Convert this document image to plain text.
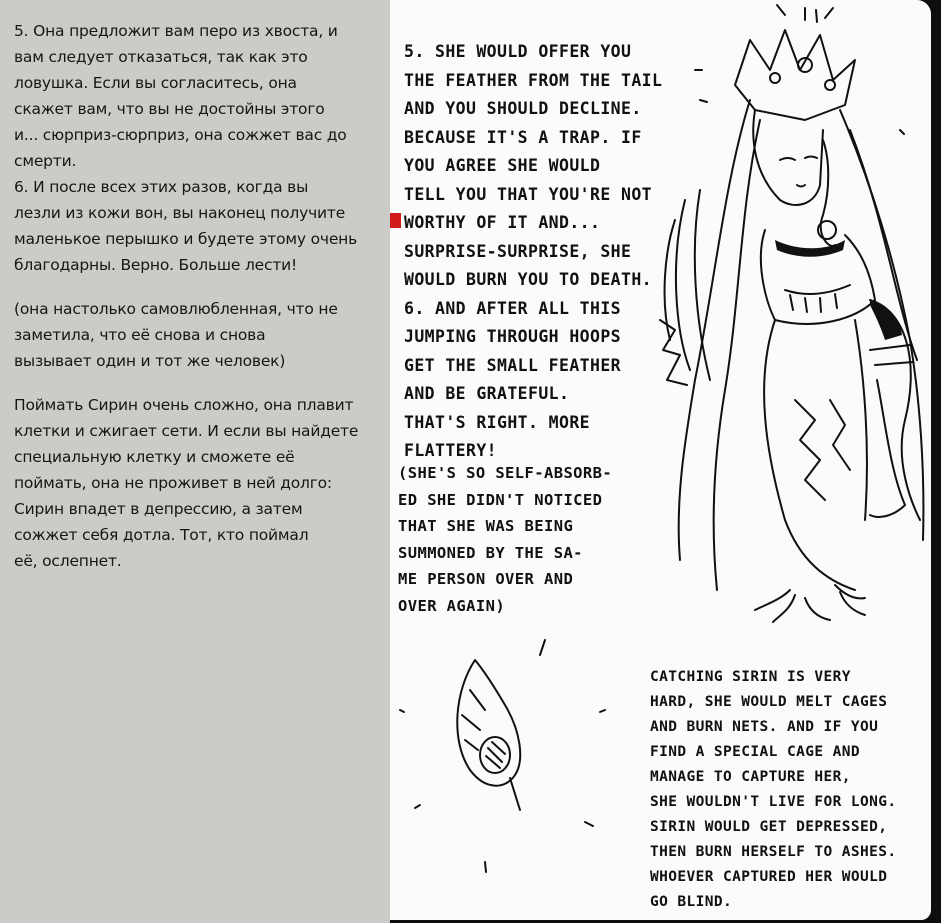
5. Она предложит вам перо из хвоста, и
вам следует отказаться, так как это
ловушка. Если вы согласитесь, она
скажет вам, что вы не достойны этого
и... сюрприз-сюрприз, она сожжет вас до
смерти.
6. И после всех этих разов, когда вы
лезли из кожи вон, вы наконец получите
маленькое перышко и будете этому очень
благодарны. Верно. Больше лести!
(она настолько самовлюбленная, что не
заметила, что её снова и снова
вызывает один и тот же человек)
Поймать Сирин очень сложно, она плавит
клетки и сжигает сети. И если вы найдете
специальную клетку и сможете её
поймать, она не проживет в ней долго:
Сирин впадет в депрессию, а затем
сожжет себя дотла. Тот, кто поймал
её, ослепнет.
5. SHE WOULD OFFER YOU
THE FEATHER FROM THE TAIL
AND YOU SHOULD DECLINE.
BECAUSE IT'S A TRAP. IF
YOU AGREE SHE WOULD
TELL YOU THAT YOU'RE NOT
WORTHY OF IT AND...
SURPRISE-SURPRISE, SHE
WOULD BURN YOU TO DEATH.
6. AND AFTER ALL THIS
JUMPING THROUGH HOOPS
GET THE SMALL FEATHER
AND BE GRATEFUL.
THAT'S RIGHT. MORE
FLATTERY!
(SHE'S SO SELF-ABSORB-
ED SHE DIDN'T NOTICED
THAT SHE WAS BEING
SUMMONED BY THE SA-
ME PERSON OVER AND
OVER AGAIN)
CATCHING SIRIN IS VERY
HARD, SHE WOULD MELT CAGES
AND BURN NETS. AND IF YOU
FIND A SPECIAL CAGE AND
MANAGE TO CAPTURE HER,
SHE WOULDN'T LIVE FOR LONG.
SIRIN WOULD GET DEPRESSED,
THEN BURN HERSELF TO ASHES.
WHOEVER CAPTURED HER WOULD
GO BLIND.
